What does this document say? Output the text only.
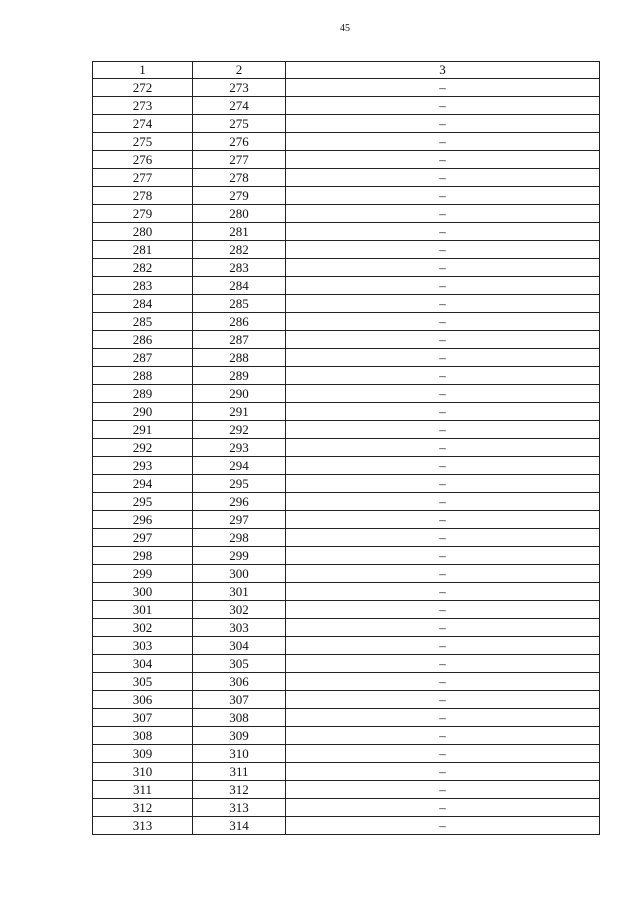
45
1	2	3
272	273	–
273	274	–
274	275	–
275	276	–
276	277	–
277	278	–
278	279	–
279	280	–
280	281	–
281	282	–
282	283	–
283	284	–
284	285	–
285	286	–
286	287	–
287	288	–
288	289	–
289	290	–
290	291	–
291	292	–
292	293	–
293	294	–
294	295	–
295	296	–
296	297	–
297	298	–
298	299	–
299	300	–
300	301	–
301	302	–
302	303	–
303	304	–
304	305	–
305	306	–
306	307	–
307	308	–
308	309	–
309	310	–
310	311	–
311	312	–
312	313	–
313	314	–
